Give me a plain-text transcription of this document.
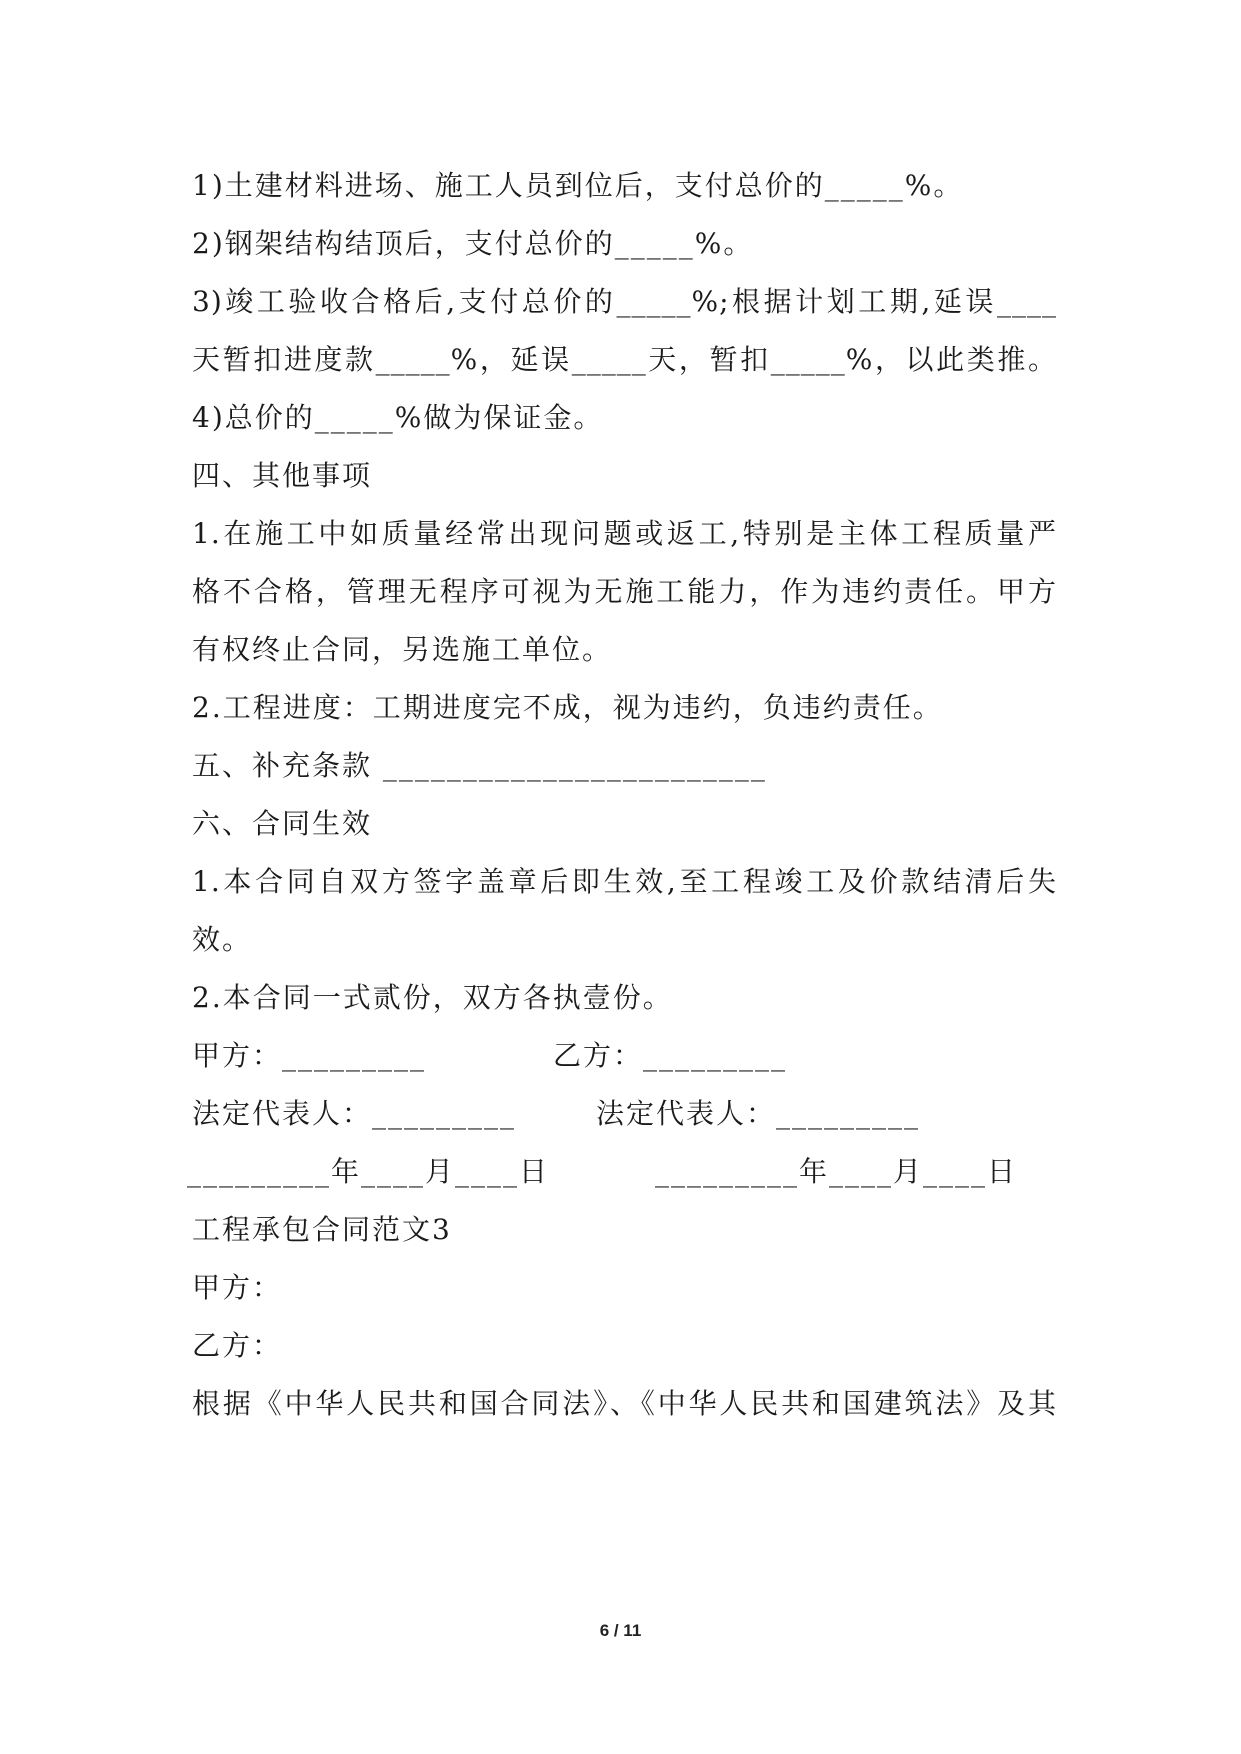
1)土建材料进场、施工人员到位后，支付总价的_____%。
2)钢架结构结顶后，支付总价的_____%。
3)竣工验收合格后,支付总价的_____%;根据计划工期,延误____
天暂扣进度款_____%，延误_____天，暂扣_____%，以此类推。
4)总价的_____%做为保证金。
四、其他事项
1.在施工中如质量经常出现问题或返工,特别是主体工程质量严
格不合格，管理无程序可视为无施工能力，作为违约责任。甲方
有权终止合同，另选施工单位。
2.工程进度：工期进度完不成，视为违约，负违约责任。
五、补充条款 ________________________
六、合同生效
1.本合同自双方签字盖章后即生效,至工程竣工及价款结清后失
效。
2.本合同一式贰份，双方各执壹份。
甲方：_________	乙方：_________
法定代表人：_________	法定代表人：_________
_________年____月____日	_________年____月____日
工程承包合同范文3
甲方：
乙方：
根据《中华人民共和国合同法》、《中华人民共和国建筑法》及其
6 / 11
